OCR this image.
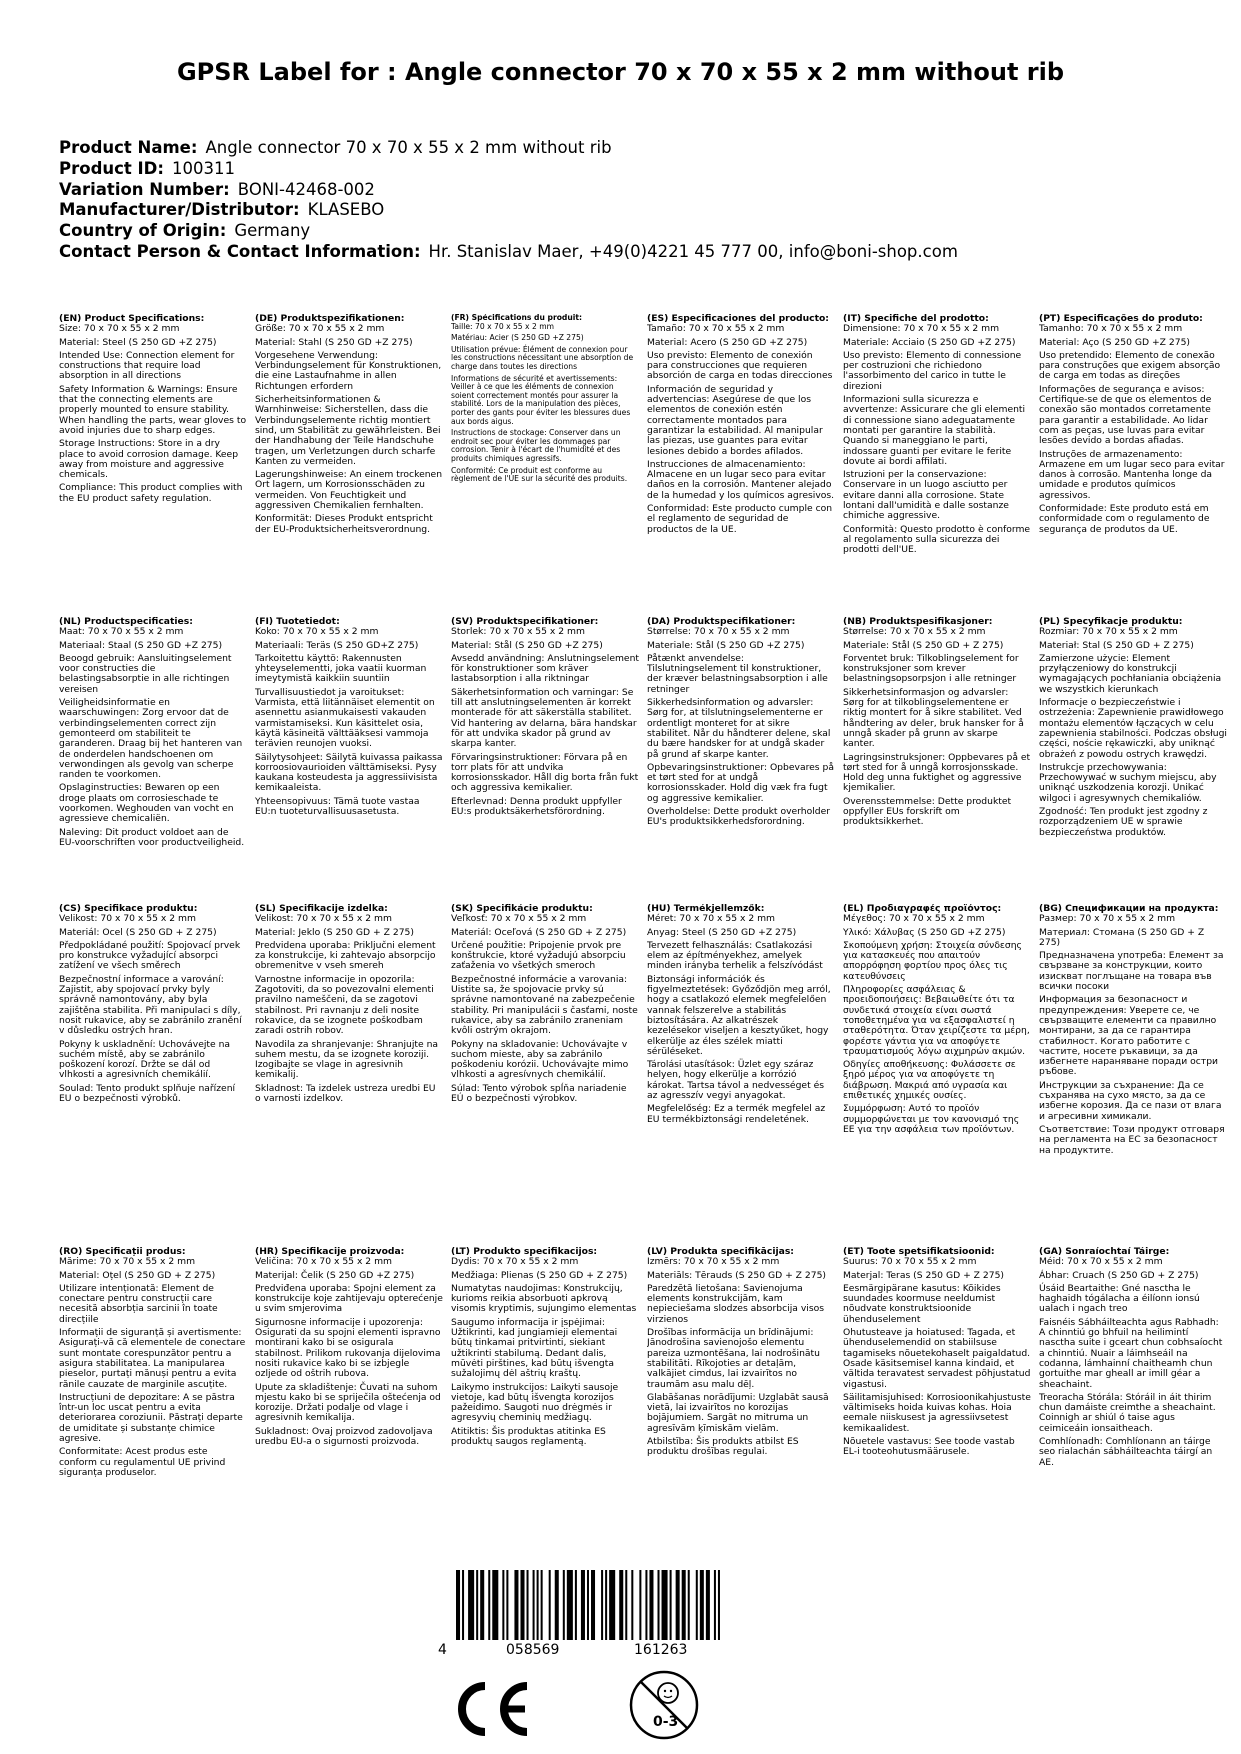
GPSR Label for : Angle connector 70 x 70 x 55 x 2 mm without rib
Product Name: Angle connector 70 x 70 x 55 x 2 mm without rib
Product ID: 100311
Variation Number: BONI-42468-002
Manufacturer/Distributor: KLASEBO
Country of Origin: Germany
Contact Person & Contact Information: Hr. Stanislav Maer, +49(0)4221 45 777 00, info@boni-shop.com
(EN) Product Specifications:

Size: 70 x 70 x 55 x 2 mm

Material: Steel (S 250 GD +Z 275)

Intended Use: Connection element for constructions that require load absorption in all directions

Safety Information & Warnings: Ensure that the connecting elements are properly mounted to ensure stability. When handling the parts, wear gloves to avoid injuries due to sharp edges.

Storage Instructions: Store in a dry place to avoid corrosion damage. Keep away from moisture and aggressive chemicals.

Compliance: This product complies with the EU product safety regulation.

(DE) Produktspezifikationen:

Größe: 70 x 70 x 55 x 2 mm

Material: Stahl (S 250 GD +Z 275)

Vorgesehene Verwendung: Verbindungselement für Konstruktionen, die eine Lastaufnahme in allen Richtungen erfordern

Sicherheitsinformationen & Warnhinweise: Sicherstellen, dass die Verbindungselemente richtig montiert sind, um Stabilität zu gewährleisten. Bei der Handhabung der Teile Handschuhe tragen, um Verletzungen durch scharfe Kanten zu vermeiden.

Lagerungshinweise: An einem trockenen Ort lagern, um Korrosionsschäden zu vermeiden. Von Feuchtigkeit und aggressiven Chemikalien fernhalten.

Konformität: Dieses Produkt entspricht der EU-Produktsicherheitsverordnung.

(FR) Spécifications du produit:

Taille: 70 x 70 x 55 x 2 mm

Matériau: Acier (S 250 GD +Z 275)

Utilisation prévue: Élément de connexion pour les constructions nécessitant une absorption de charge dans toutes les directions

Informations de sécurité et avertissements: Veiller à ce que les éléments de connexion soient correctement montés pour assurer la stabilité. Lors de la manipulation des pièces, porter des gants pour éviter les blessures dues aux bords aigus.

Instructions de stockage: Conserver dans un endroit sec pour éviter les dommages par corrosion. Tenir à l'écart de l'humidité et des produits chimiques agressifs.

Conformité: Ce produit est conforme au règlement de l'UE sur la sécurité des produits.

(ES) Especificaciones del producto:

Tamaño: 70 x 70 x 55 x 2 mm

Material: Acero (S 250 GD +Z 275)

Uso previsto: Elemento de conexión para construcciones que requieren absorción de carga en todas direcciones

Información de seguridad y advertencias: Asegúrese de que los elementos de conexión estén correctamente montados para garantizar la estabilidad. Al manipular las piezas, use guantes para evitar lesiones debido a bordes afilados.

Instrucciones de almacenamiento: Almacene en un lugar seco para evitar daños en la corrosión. Mantener alejado de la humedad y los químicos agresivos.

Conformidad: Este producto cumple con el reglamento de seguridad de productos de la UE.

(IT) Specifiche del prodotto:

Dimensione: 70 x 70 x 55 x 2 mm

Materiale: Acciaio (S 250 GD +Z 275)

Uso previsto: Elemento di connessione per costruzioni che richiedono l'assorbimento del carico in tutte le direzioni

Informazioni sulla sicurezza e avvertenze: Assicurare che gli elementi di connessione siano adeguatamente montati per garantire la stabilità. Quando si maneggiano le parti, indossare guanti per evitare le ferite dovute ai bordi affilati.

Istruzioni per la conservazione: Conservare in un luogo asciutto per evitare danni alla corrosione. State lontani dall'umidità e dalle sostanze chimiche aggressive.

Conformità: Questo prodotto è conforme al regolamento sulla sicurezza dei prodotti dell'UE.

(PT) Especificações do produto:

Tamanho: 70 x 70 x 55 x 2 mm

Material: Aço (S 250 GD +Z 275)

Uso pretendido: Elemento de conexão para construções que exigem absorção de carga em todas as direções

Informações de segurança e avisos: Certifique-se de que os elementos de conexão são montados corretamente para garantir a estabilidade. Ao lidar com as peças, use luvas para evitar lesões devido a bordas afiadas.

Instruções de armazenamento: Armazene em um lugar seco para evitar danos à corrosão. Mantenha longe da umidade e produtos químicos agressivos.

Conformidade: Este produto está em conformidade com o regulamento de segurança de produtos da UE.

(NL) Productspecificaties:

Maat: 70 x 70 x 55 x 2 mm

Materiaal: Staal (S 250 GD +Z 275)

Beoogd gebruik: Aansluitingselement voor constructies die belastingsabsorptie in alle richtingen vereisen

Veiligheidsinformatie en waarschuwingen: Zorg ervoor dat de verbindingselementen correct zijn gemonteerd om stabiliteit te garanderen. Draag bij het hanteren van de onderdelen handschoenen om verwondingen als gevolg van scherpe randen te voorkomen.

Opslaginstructies: Bewaren op een droge plaats om corrosieschade te voorkomen. Weghouden van vocht en agressieve chemicaliën.

Naleving: Dit product voldoet aan de EU-voorschriften voor productveiligheid.

(FI) Tuotetiedot:

Koko: 70 x 70 x 55 x 2 mm

Materiaali: Teräs (S 250 GD+Z 275)

Tarkoitettu käyttö: Rakennusten yhteyselementti, joka vaatii kuorman imeytymistä kaikkiin suuntiin

Turvallisuustiedot ja varoitukset: Varmista, että liitännäiset elementit on asennettu asianmukaisesti vakauden varmistamiseksi. Kun käsittelet osia, käytä käsineitä välttääksesi vammoja terävien reunojen vuoksi.

Säilytysohjeet: Säilytä kuivassa paikassa korroosiovaurioiden välttämiseksi. Pysy kaukana kosteudesta ja aggressiivisista kemikaaleista.

Yhteensopivuus: Tämä tuote vastaa EU:n tuoteturvallisuusasetusta.

(SV) Produktspecifikationer:

Storlek: 70 x 70 x 55 x 2 mm

Material: Stål (S 250 GD +Z 275)

Avsedd användning: Anslutningselement för konstruktioner som kräver lastabsorption i alla riktningar

Säkerhetsinformation och varningar: Se till att anslutningselementen är korrekt monterade för att säkerställa stabilitet. Vid hantering av delarna, bära handskar för att undvika skador på grund av skarpa kanter.

Förvaringsinstruktioner: Förvara på en torr plats för att undvika korrosionsskador. Håll dig borta från fukt och aggressiva kemikalier.

Efterlevnad: Denna produkt uppfyller EU:s produktsäkerhetsförordning.

(DA) Produktspecifikationer:

Størrelse: 70 x 70 x 55 x 2 mm

Materiale: Stål (S 250 GD +Z 275)

Påtænkt anvendelse: Tilslutningselement til konstruktioner, der kræver belastningsabsorption i alle retninger

Sikkerhedsinformation og advarsler: Sørg for, at tilslutningselementerne er ordentligt monteret for at sikre stabilitet. Når du håndterer delene, skal du bære handsker for at undgå skader på grund af skarpe kanter.

Opbevaringsinstruktioner: Opbevares på et tørt sted for at undgå korrosionsskader. Hold dig væk fra fugt og aggressive kemikalier.

Overholdelse: Dette produkt overholder EU's produktsikkerhedsforordning.

(NB) Produktspesifikasjoner:

Størrelse: 70 x 70 x 55 x 2 mm

Materiale: Stål (S 250 GD + Z 275)

Forventet bruk: Tilkoblingselement for konstruksjoner som krever belastningsopsorpsjon i alle retninger

Sikkerhetsinformasjon og advarsler: Sørg for at tilkoblingselementene er riktig montert for å sikre stabilitet. Ved håndtering av deler, bruk hansker for å unngå skader på grunn av skarpe kanter.

Lagringsinstruksjoner: Oppbevares på et tørt sted for å unngå korrosjonsskade. Hold deg unna fuktighet og aggressive kjemikalier.

Overensstemmelse: Dette produktet oppfyller EUs forskrift om produktsikkerhet.

(PL) Specyfikacje produktu:

Rozmiar: 70 x 70 x 55 x 2 mm

Materiał: Stal (S 250 GD + Z 275)

Zamierzone użycie: Element przyłączeniowy do konstrukcji wymagających pochłaniania obciążenia we wszystkich kierunkach

Informacje o bezpieczeństwie i ostrzeżenia: Zapewnienie prawidłowego montażu elementów łączących w celu zapewnienia stabilności. Podczas obsługi części, noście rękawiczki, aby uniknąć obrażeń z powodu ostrych krawędzi.

Instrukcje przechowywania: Przechowywać w suchym miejscu, aby uniknąć uszkodzenia korozji. Unikać wilgoci i agresywnych chemikaliów.

Zgodność: Ten produkt jest zgodny z rozporządzeniem UE w sprawie bezpieczeństwa produktów.

(CS) Specifikace produktu:

Velikost: 70 x 70 x 55 x 2 mm

Materiál: Ocel (S 250 GD + Z 275)

Předpokládané použití: Spojovací prvek pro konstrukce vyžadující absorpci zatížení ve všech směrech

Bezpečnostní informace a varování: Zajistit, aby spojovací prvky byly správně namontovány, aby byla zajištěna stabilita. Při manipulaci s díly, nosit rukavice, aby se zabránilo zranění v důsledku ostrých hran.

Pokyny k uskladnění: Uchovávejte na suchém místě, aby se zabránilo poškození korozí. Držte se dál od vlhkosti a agresivních chemikálií.

Soulad: Tento produkt splňuje nařízení EU o bezpečnosti výrobků.

(SL) Specifikacije izdelka:

Velikost: 70 x 70 x 55 x 2 mm

Material: Jeklo (S 250 GD + Z 275)

Predvidena uporaba: Priključni element za konstrukcije, ki zahtevajo absorpcijo obremenitve v vseh smereh

Varnostne informacije in opozorila: Zagotoviti, da so povezovalni elementi pravilno nameščeni, da se zagotovi stabilnost. Pri ravnanju z deli nosite rokavice, da se izognete poškodbam zaradi ostrih robov.

Navodila za shranjevanje: Shranjujte na suhem mestu, da se izognete koroziji. Izogibajte se vlage in agresivnih kemikalij.

Skladnost: Ta izdelek ustreza uredbi EU o varnosti izdelkov.

(SK) Špecifikácie produktu:

Veľkosť: 70 x 70 x 55 x 2 mm

Materiál: Oceľová (S 250 GD + Z 275)

Určené použitie: Pripojenie prvok pre konštrukcie, ktoré vyžadujú absorpciu zaťaženia vo všetkých smeroch

Bezpečnostné informácie a varovania: Uistite sa, že spojovacie prvky sú správne namontované na zabezpečenie stability. Pri manipulácii s časťami, noste rukavice, aby sa zabránilo zraneniam kvôli ostrým okrajom.

Pokyny na skladovanie: Uchovávajte v suchom mieste, aby sa zabránilo poškodeniu korózii. Uchovávajte mimo vlhkosti a agresívnych chemikálií.

Súlad: Tento výrobok spĺňa nariadenie EÚ o bezpečnosti výrobkov.

(HU) Termékjellemzők:

Méret: 70 x 70 x 55 x 2 mm

Anyag: Steel (S 250 GD +Z 275)

Tervezett felhasználás: Csatlakozási elem az építményekhez, amelyek minden irányba terhelik a felszívódást

Biztonsági információk és figyelmeztetések: Győződjön meg arról, hogy a csatlakozó elemek megfelelően vannak felszerelve a stabilitás biztosítására. Az alkatrészek kezelésekor viseljen a kesztyűket, hogy elkerülje az éles szélek miatti sérüléseket.

Tárolási utasítások: Üzlet egy száraz helyen, hogy elkerülje a korrózió károkat. Tartsa távol a nedvességet és az agresszív vegyi anyagokat.

Megfelelőség: Ez a termék megfelel az EU termékbiztonsági rendeletének.

(EL) Προδιαγραφές προϊόντος:

Μέγεθος: 70 x 70 x 55 x 2 mm

Υλικό: Χάλυβας (S 250 GD +Z 275)

Σκοπούμενη χρήση: Στοιχεία σύνδεσης για κατασκευές που απαιτούν απορρόφηση φορτίου προς όλες τις κατευθύνσεις

Πληροφορίες ασφάλειας & προειδοποιήσεις: Βεβαιωθείτε ότι τα συνδετικά στοιχεία είναι σωστά τοποθετημένα για να εξασφαλιστεί η σταθερότητα. Όταν χειρίζεστε τα μέρη, φορέστε γάντια για να αποφύγετε τραυματισμούς λόγω αιχμηρών ακμών.

Οδηγίες αποθήκευσης: Φυλάσσετε σε ξηρό μέρος για να αποφύγετε τη διάβρωση. Μακριά από υγρασία και επιθετικές χημικές ουσίες.

Συμμόρφωση: Αυτό το προϊόν συμμορφώνεται με τον κανονισμό της ΕΕ για την ασφάλεια των προϊόντων.

(BG) Спецификации на продукта:

Размер: 70 x 70 x 55 x 2 mm

Материал: Стомана (S 250 GD + Z 275)

Предназначена употреба: Елемент за свързване за конструкции, които изискват поглъщане на товара във всички посоки

Информация за безопасност и предупреждения: Уверете се, че свързващите елементи са правилно монтирани, за да се гарантира стабилност. Когато работите с частите, носете ръкавици, за да избегнете нараняване поради остри ръбове.

Инструкции за съхранение: Да се съхранява на сухо място, за да се избегне корозия. Да се пази от влага и агресивни химикали.

Съответствие: Този продукт отговаря на регламента на ЕС за безопасност на продуктите.

(RO) Specificații produs:

Mărime: 70 x 70 x 55 x 2 mm

Material: Oțel (S 250 GD + Z 275)

Utilizare intenționată: Element de conectare pentru construcții care necesită absorbția sarcinii în toate direcțiile

Informații de siguranță și avertismente: Asigurați-vă că elementele de conectare sunt montate corespunzător pentru a asigura stabilitatea. La manipularea pieselor, purtați mănuși pentru a evita rănile cauzate de marginile ascuțite.

Instrucțiuni de depozitare: A se păstra într-un loc uscat pentru a evita deteriorarea coroziunii. Păstrați departe de umiditate și substanțe chimice agresive.

Conformitate: Acest produs este conform cu regulamentul UE privind siguranța produselor.

(HR) Specifikacije proizvoda:

Veličina: 70 x 70 x 55 x 2 mm

Materijal: Čelik (S 250 GD +Z 275)

Predviđena uporaba: Spojni element za konstrukcije koje zahtijevaju opterećenje u svim smjerovima

Sigurnosne informacije i upozorenja: Osigurati da su spojni elementi ispravno montirani kako bi se osigurala stabilnost. Prilikom rukovanja dijelovima nositi rukavice kako bi se izbjegle ozljede od oštrih rubova.

Upute za skladištenje: Čuvati na suhom mjestu kako bi se spriječila oštećenja od korozije. Držati podalje od vlage i agresivnih kemikalija.

Sukladnost: Ovaj proizvod zadovoljava uredbu EU-a o sigurnosti proizvoda.

(LT) Produkto specifikacijos:

Dydis: 70 x 70 x 55 x 2 mm

Medžiaga: Plienas (S 250 GD + Z 275)

Numatytas naudojimas: Konstrukcijų, kurioms reikia absorbuoti apkrovą visomis kryptimis, sujungimo elementas

Saugumo informacija ir įspėjimai: Užtikrinti, kad jungiamieji elementai būtų tinkamai pritvirtinti, siekiant užtikrinti stabilumą. Dedant dalis, mūvėti pirštines, kad būtų išvengta sužalojimų dėl aštrių kraštų.

Laikymo instrukcijos: Laikyti sausoje vietoje, kad būtų išvengta korozijos pažeidimo. Saugoti nuo drėgmės ir agresyvių cheminių medžiagų.

Atitiktis: Šis produktas atitinka ES produktų saugos reglamentą.

(LV) Produkta specifikācijas:

Izmērs: 70 x 70 x 55 x 2 mm

Materiāls: Tērauds (S 250 GD + Z 275)

Paredzētā lietošana: Savienojuma elements konstrukcijām, kam nepieciešama slodzes absorbcija visos virzienos

Drošības informācija un brīdinājumi: Jānodrošina savienojošo elementu pareiza uzmontēšana, lai nodrošinātu stabilitāti. Rīkojoties ar detaļām, valkājiet cimdus, lai izvairītos no traumām asu malu dēļ.

Glabāšanas norādījumi: Uzglabāt sausā vietā, lai izvairītos no korozijas bojājumiem. Sargāt no mitruma un agresīvām ķīmiskām vielām.

Atbilstība: Šis produkts atbilst ES produktu drošības regulai.

(ET) Toote spetsifikatsioonid:

Suurus: 70 x 70 x 55 x 2 mm

Materjal: Teras (S 250 GD + Z 275)

Eesmärgipärane kasutus: Kõikides suundades koormuse neeldumist nõudvate konstruktsioonide ühenduselement

Ohutusteave ja hoiatused: Tagada, et ühenduselemendid on stabiilsuse tagamiseks nõuetekohaselt paigaldatud. Osade käsitsemisel kanna kindaid, et vältida teravatest servadest põhjustatud vigastusi.

Säilitamisjuhised: Korrosioonikahjustuste vältimiseks hoida kuivas kohas. Hoia eemale niiskusest ja agressiivsetest kemikaalidest.

Nõuetele vastavus: See toode vastab EL-i tooteohutusmäärusele.

(GA) Sonraíochtaí Táirge:

Méid: 70 x 70 x 55 x 2 mm

Ábhar: Cruach (S 250 GD + Z 275)

Úsáid Beartaithe: Gné nasctha le haghaidh tógálacha a éilíonn ionsú ualach i ngach treo

Faisnéis Sábháilteachta agus Rabhadh: A chinntiú go bhfuil na heilimintí nasctha suite i gceart chun cobhsaíocht a chinntiú. Nuair a láimhseáil na codanna, lámhainní chaitheamh chun gortuithe mar gheall ar imill géar a sheachaint.

Treoracha Stórála: Stóráil in áit thirim chun damáiste creimthe a sheachaint. Coinnigh ar shiúl ó taise agus ceimiceáin ionsaitheach.

Comhlíonadh: Comhlíonann an táirge seo rialachán sábháilteachta táirgí an AE.

4	058569	161263
0-3
